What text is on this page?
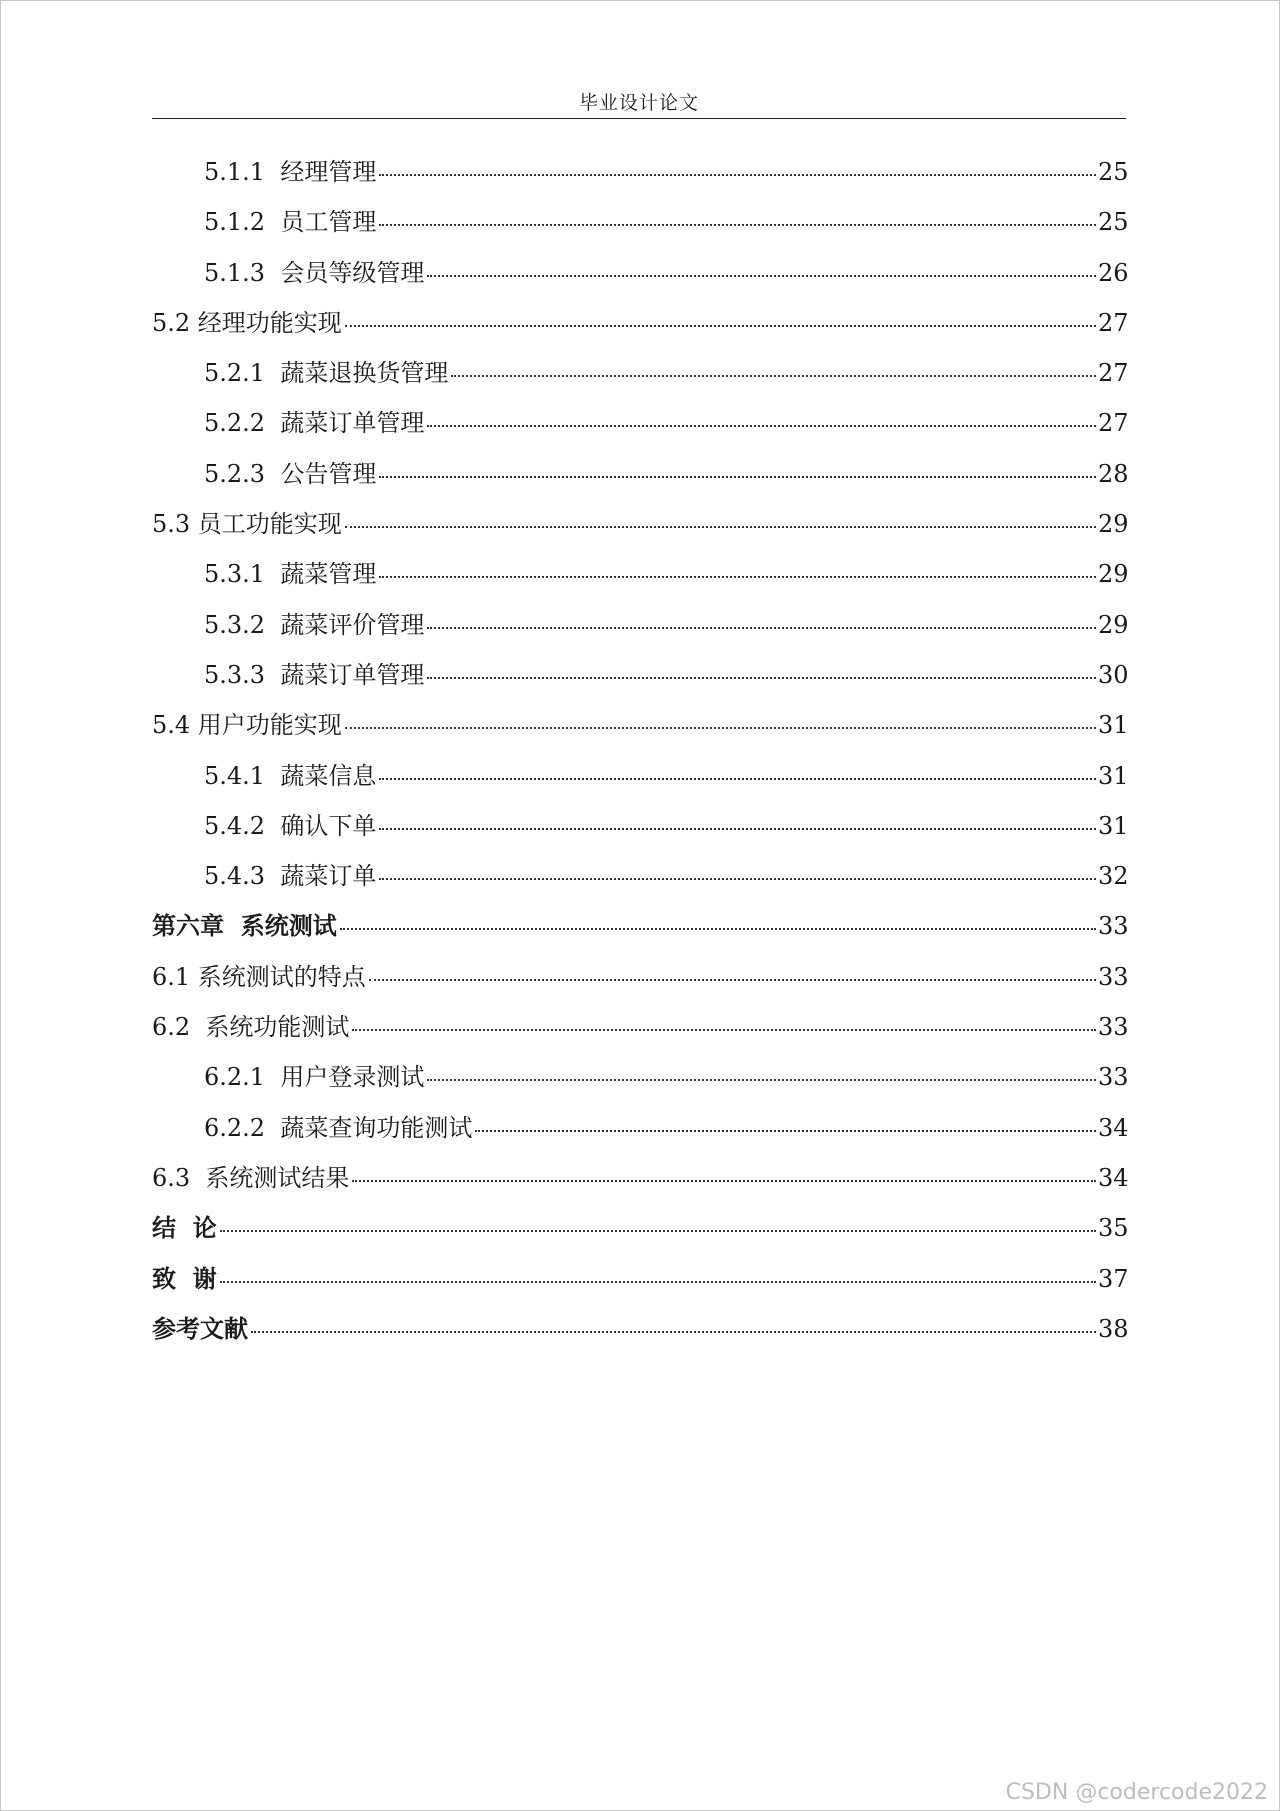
毕业设计论文
5.1.1  经理管理	25
5.1.2  员工管理	25
5.1.3  会员等级管理	26
5.2 经理功能实现	27
5.2.1  蔬菜退换货管理	27
5.2.2  蔬菜订单管理	27
5.2.3  公告管理	28
5.3 员工功能实现	29
5.3.1  蔬菜管理	29
5.3.2  蔬菜评价管理	29
5.3.3  蔬菜订单管理	30
5.4 用户功能实现	31
5.4.1  蔬菜信息	31
5.4.2  确认下单	31
5.4.3  蔬菜订单	32
第六章  系统测试	33
6.1 系统测试的特点	33
6.2  系统功能测试	33
6.2.1  用户登录测试	33
6.2.2  蔬菜查询功能测试	34
6.3  系统测试结果	34
结  论	35
致  谢	37
参考文献	38
CSDN @codercode2022
